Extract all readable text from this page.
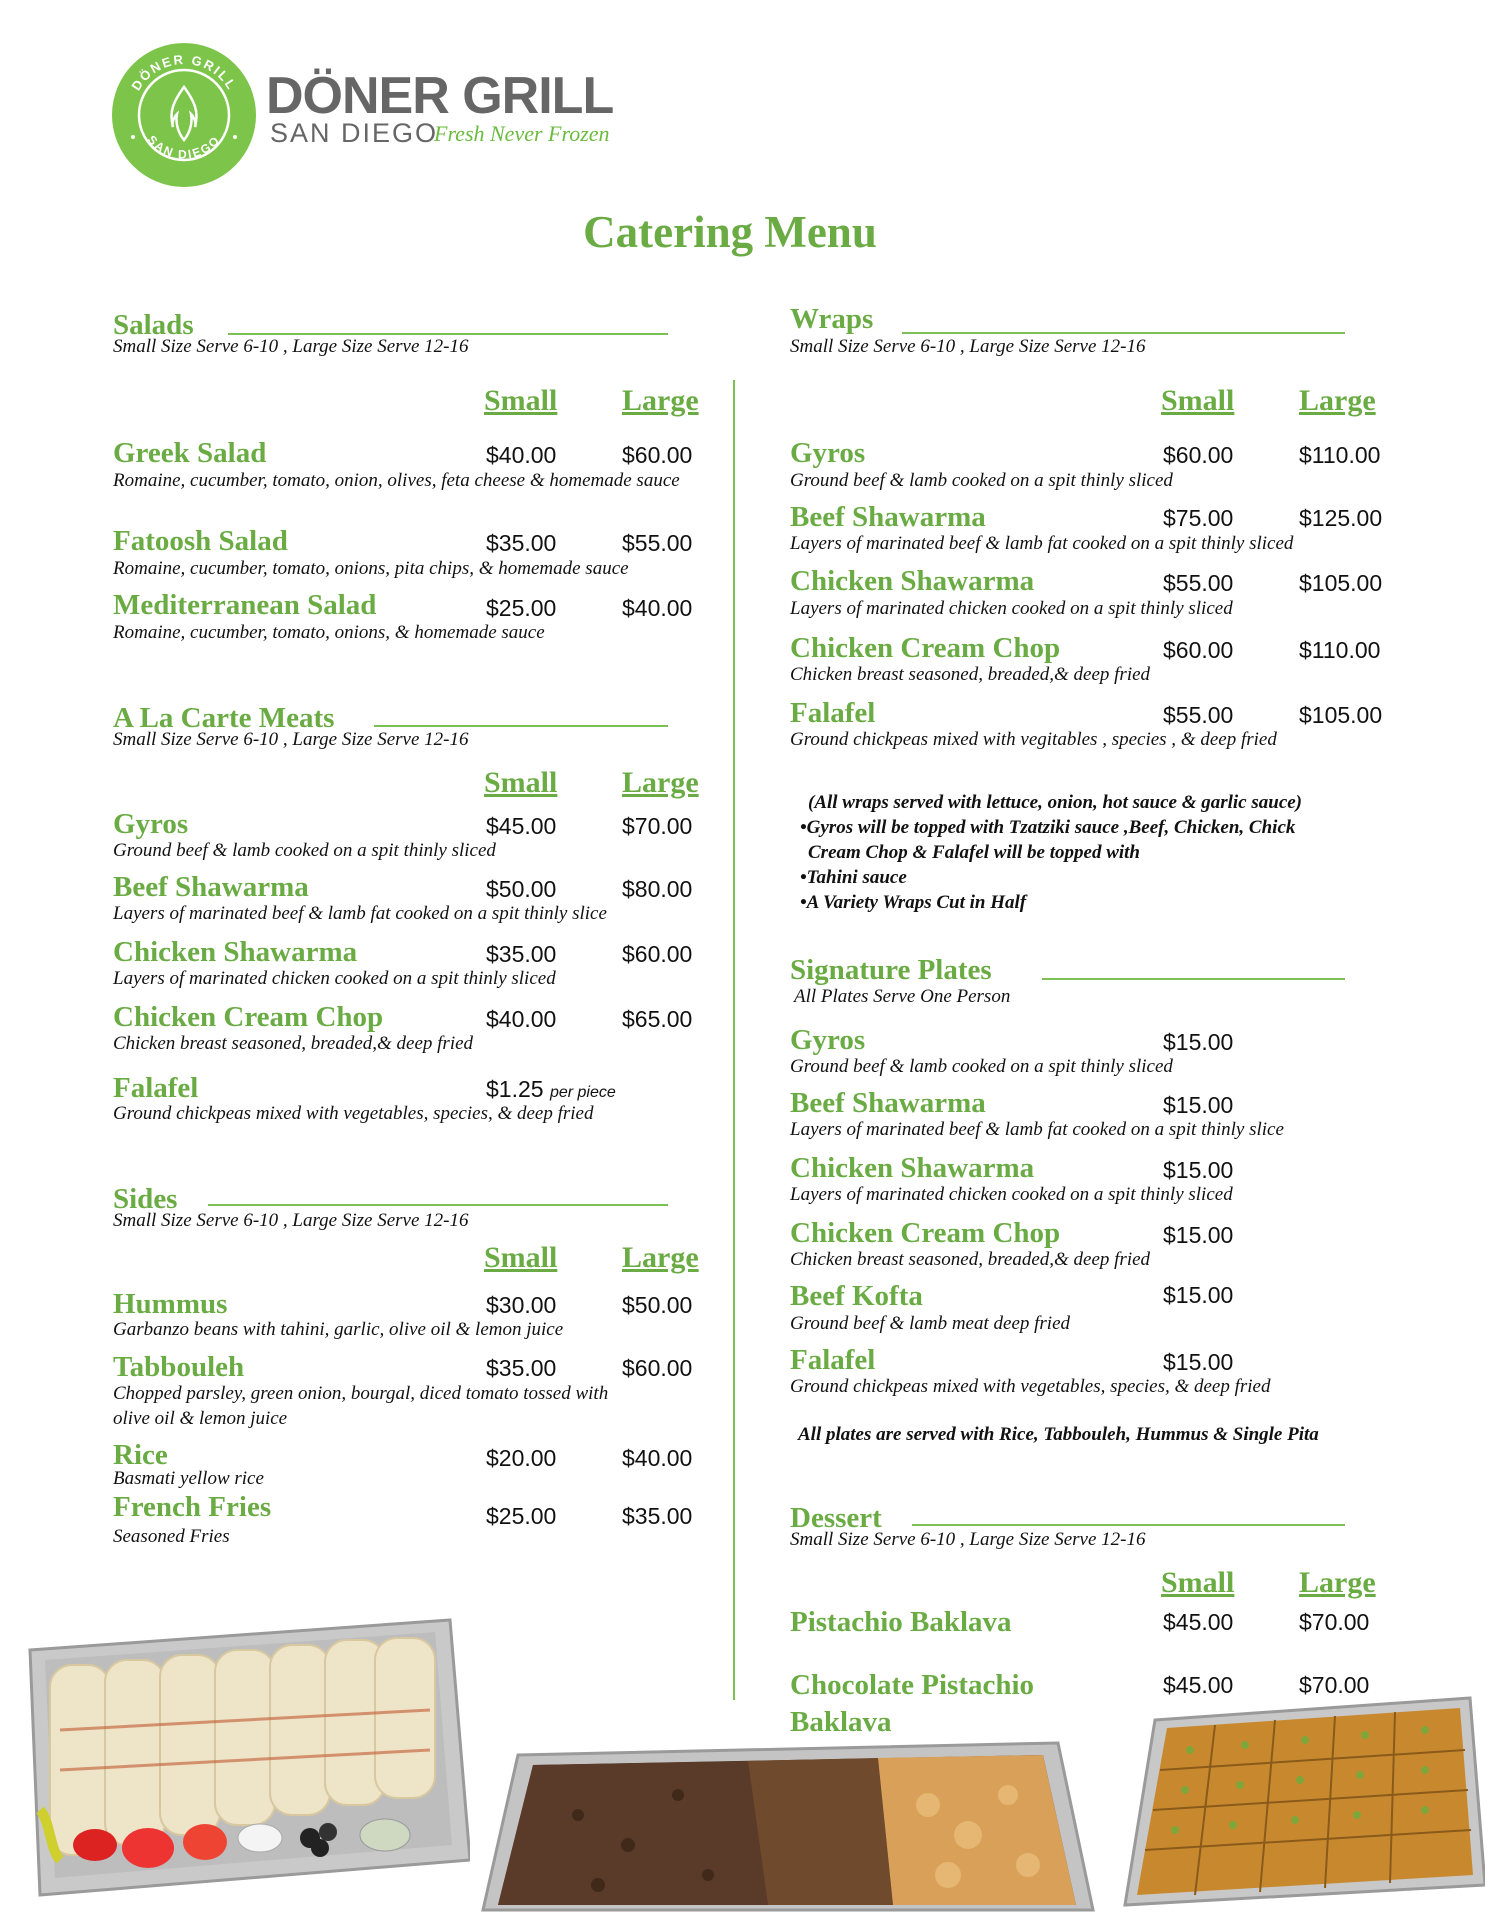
DÖNER GRILL
SAN DIEGO
DÖNER GRILL
SAN DIEGO
Fresh Never Frozen
Catering Menu
Salads
Small Size Serve 6-10 , Large Size Serve 12-16
Small Large
Greek Salad	$40.00	$60.00
Romaine, cucumber, tomato, onion, olives, feta cheese & homemade sauce
Fatoosh Salad	$35.00	$55.00
Romaine, cucumber, tomato, onions, pita chips, & homemade sauce
Mediterranean Salad	$25.00	$40.00
Romaine, cucumber, tomato, onions, & homemade sauce
A La Carte Meats
Small Size Serve 6-10 , Large Size Serve 12-16
Small Large
Gyros	$45.00	$70.00
Ground beef & lamb cooked on a spit thinly sliced
Beef Shawarma	$50.00	$80.00
Layers of marinated beef & lamb fat cooked on a spit thinly slice
Chicken Shawarma	$35.00	$60.00
Layers of marinated chicken cooked on a spit thinly sliced
Chicken Cream Chop	$40.00	$65.00
Chicken breast seasoned, breaded,& deep fried
Falafel	$1.25 per piece
Ground chickpeas mixed with vegetables, species, & deep fried
Sides
Small Size Serve 6-10 , Large Size Serve 12-16
Small Large
Hummus	$30.00	$50.00
Garbanzo beans with tahini, garlic, olive oil & lemon juice
Tabbouleh	$35.00	$60.00
Chopped parsley, green onion, bourgal, diced tomato tossed with olive oil & lemon juice
Rice	$20.00	$40.00
Basmati yellow rice
French Fries	$25.00	$35.00
Seasoned Fries
Wraps
Small Size Serve 6-10 , Large Size Serve 12-16
Small Large
Gyros	$60.00	$110.00
Ground beef & lamb cooked on a spit thinly sliced
Beef Shawarma	$75.00	$125.00
Layers of marinated beef & lamb fat cooked on a spit thinly sliced
Chicken Shawarma	$55.00	$105.00
Layers of marinated chicken cooked on a spit thinly sliced
Chicken Cream Chop	$60.00	$110.00
Chicken breast seasoned, breaded,& deep fried
Falafel	$55.00	$105.00
Ground chickpeas mixed with vegitables , species , & deep fried
(All wraps served with lettuce, onion, hot sauce & garlic sauce)
•Gyros will be topped with Tzatziki sauce ,Beef, Chicken, Chick
Cream Chop & Falafel will be topped with
•Tahini sauce
•A Variety Wraps Cut in Half
Signature Plates
All Plates Serve One Person
Gyros	$15.00
Ground beef & lamb cooked on a spit thinly sliced
Beef Shawarma	$15.00
Layers of marinated beef & lamb fat cooked on a spit thinly slice
Chicken Shawarma	$15.00
Layers of marinated chicken cooked on a spit thinly sliced
Chicken Cream Chop	$15.00
Chicken breast seasoned, breaded,& deep fried
Beef Kofta	$15.00
Ground beef & lamb meat deep fried
Falafel	$15.00
Ground chickpeas mixed with vegetables, species, & deep fried
All plates are served with Rice, Tabbouleh, Hummus & Single Pita
Dessert
Small Size Serve 6-10 , Large Size Serve 12-16
Small Large
Pistachio Baklava	$45.00	$70.00
Chocolate Pistachio
Baklava
$45.00	$70.00
